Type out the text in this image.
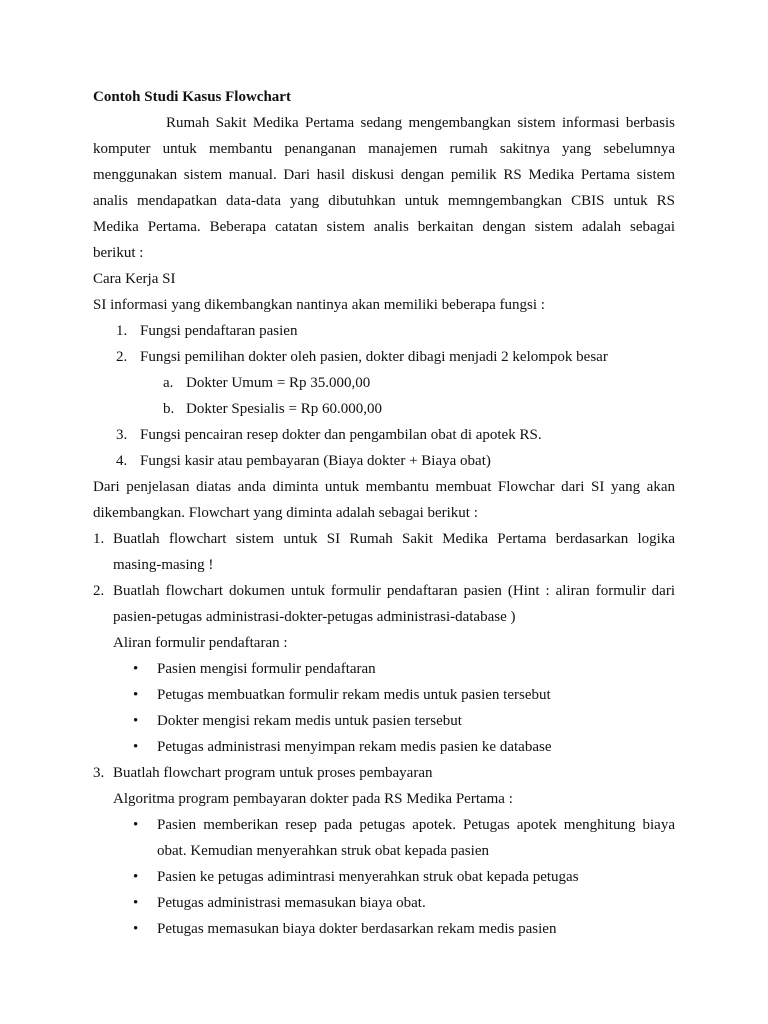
Contoh Studi Kasus Flowchart
Rumah Sakit Medika Pertama sedang mengembangkan sistem informasi berbasis
komputer untuk membantu penanganan manajemen rumah sakitnya yang sebelumnya
menggunakan sistem manual. Dari hasil diskusi dengan pemilik RS Medika Pertama sistem
analis mendapatkan data-data yang dibutuhkan untuk memngembangkan CBIS untuk RS
Medika Pertama. Beberapa catatan sistem analis berkaitan dengan sistem adalah sebagai
berikut :
Cara Kerja SI
SI informasi yang dikembangkan nantinya akan memiliki beberapa fungsi :
1. Fungsi pendaftaran pasien
2. Fungsi pemilihan dokter oleh pasien, dokter dibagi menjadi 2 kelompok besar
a. Dokter Umum = Rp 35.000,00
b. Dokter Spesialis = Rp 60.000,00
3. Fungsi pencairan resep dokter dan pengambilan obat di apotek RS.
4. Fungsi kasir atau pembayaran (Biaya dokter + Biaya obat)
Dari penjelasan diatas anda diminta untuk membantu membuat Flowchar dari SI yang akan
dikembangkan. Flowchart yang diminta adalah sebagai berikut :
1. Buatlah flowchart sistem untuk SI Rumah Sakit Medika Pertama berdasarkan logika
masing-masing !
2. Buatlah flowchart dokumen untuk formulir pendaftaran pasien (Hint : aliran formulir dari
pasien-petugas administrasi-dokter-petugas administrasi-database )
Aliran formulir pendaftaran :
• Pasien mengisi formulir pendaftaran
• Petugas membuatkan formulir rekam medis untuk pasien tersebut
• Dokter mengisi rekam medis untuk pasien tersebut
• Petugas administrasi menyimpan rekam medis pasien ke database
3. Buatlah flowchart program untuk proses pembayaran
Algoritma program pembayaran dokter pada RS Medika Pertama :
• Pasien memberikan resep pada petugas apotek. Petugas apotek menghitung biaya
obat. Kemudian menyerahkan struk obat kepada pasien
• Pasien ke petugas adimintrasi menyerahkan struk obat kepada petugas
• Petugas administrasi memasukan biaya obat.
• Petugas memasukan biaya dokter berdasarkan rekam medis pasien
